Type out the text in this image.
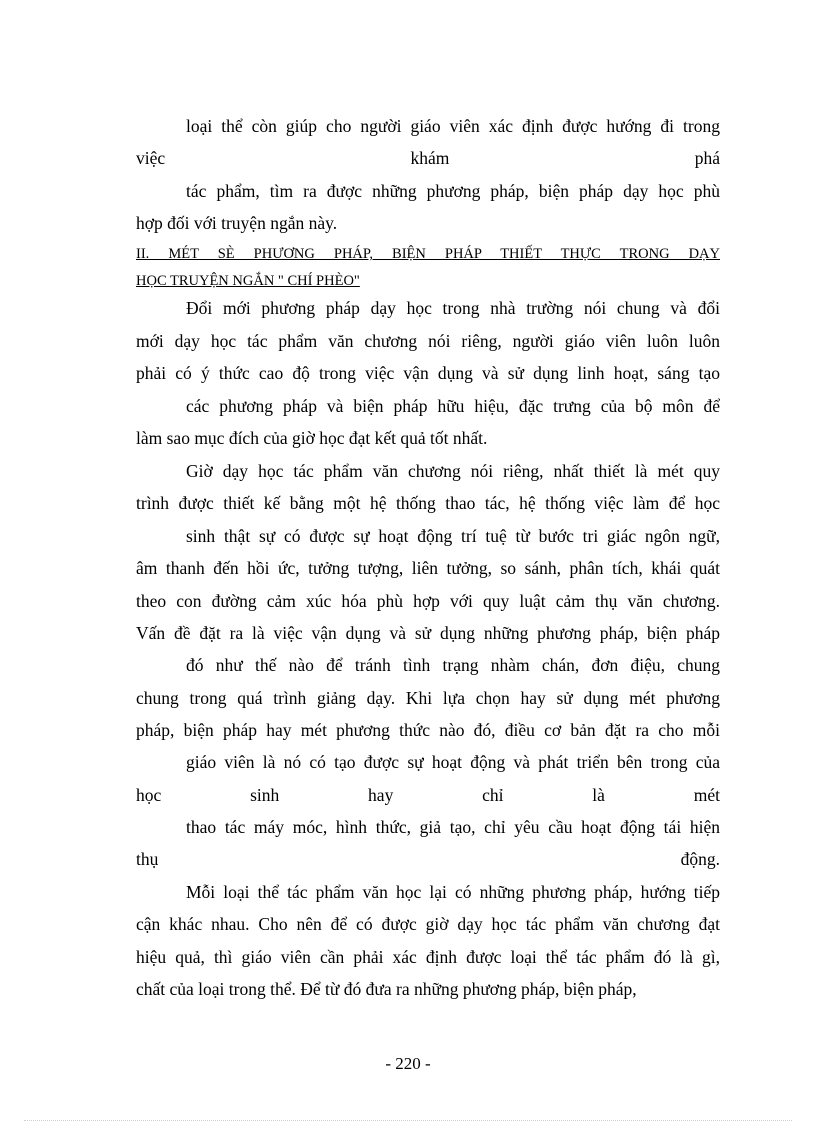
loại thể còn giúp cho người giáo viên xác định được hướng đi trong
việc khám phá
tác phẩm, tìm ra được những phương pháp, biện pháp dạy học phù
hợp đối với truyện ngắn này.
II. MÉT SÈ PHƯƠNG PHÁP, BIỆN PHÁP THIẾT THỰC TRONG DẠY
HỌC TRUYỆN NGẮN " CHÍ PHÈO"
Đổi mới phương pháp dạy học trong nhà trường nói chung và đổi
mới dạy học tác phẩm văn chương nói riêng, người giáo viên luôn luôn
phải có ý thức cao độ trong việc vận dụng và sử dụng linh hoạt, sáng tạo
các phương pháp và biện pháp hữu hiệu, đặc trưng của bộ môn để
làm sao mục đích của giờ học đạt kết quả tốt nhất.
Giờ dạy học tác phẩm văn chương nói riêng, nhất thiết là mét quy
trình được thiết kế bằng một hệ thống thao tác, hệ thống việc làm để học
sinh thật sự có được sự hoạt động trí tuệ từ bước tri giác ngôn ngữ,
âm thanh đến hồi ức, tưởng tượng, liên tưởng, so sánh, phân tích, khái quát
theo con đường cảm xúc hóa phù hợp với quy luật cảm thụ văn chương.
Vấn đề đặt ra là việc vận dụng và sử dụng những phương pháp, biện pháp
đó như thế nào để tránh tình trạng nhàm chán, đơn điệu, chung
chung trong quá trình giảng dạy. Khi lựa chọn hay sử dụng mét phương
pháp, biện pháp hay mét phương thức nào đó, điều cơ bản đặt ra cho mỗi
giáo viên là nó có tạo được sự hoạt động và phát triển bên trong của
học sinh hay chỉ là mét
thao tác máy móc, hình thức, giả tạo, chỉ yêu cầu hoạt động tái hiện
thụ động.
Mỗi loại thể tác phẩm văn học lại có những phương pháp, hướng tiếp
cận khác nhau. Cho nên để có được giờ dạy học tác phẩm văn chương đạt
hiệu quả, thì giáo viên cần phải xác định được loại thể tác phẩm đó là gì,
chất của loại trong thể. Để từ đó đưa ra những phương pháp, biện pháp,
- 220 -
